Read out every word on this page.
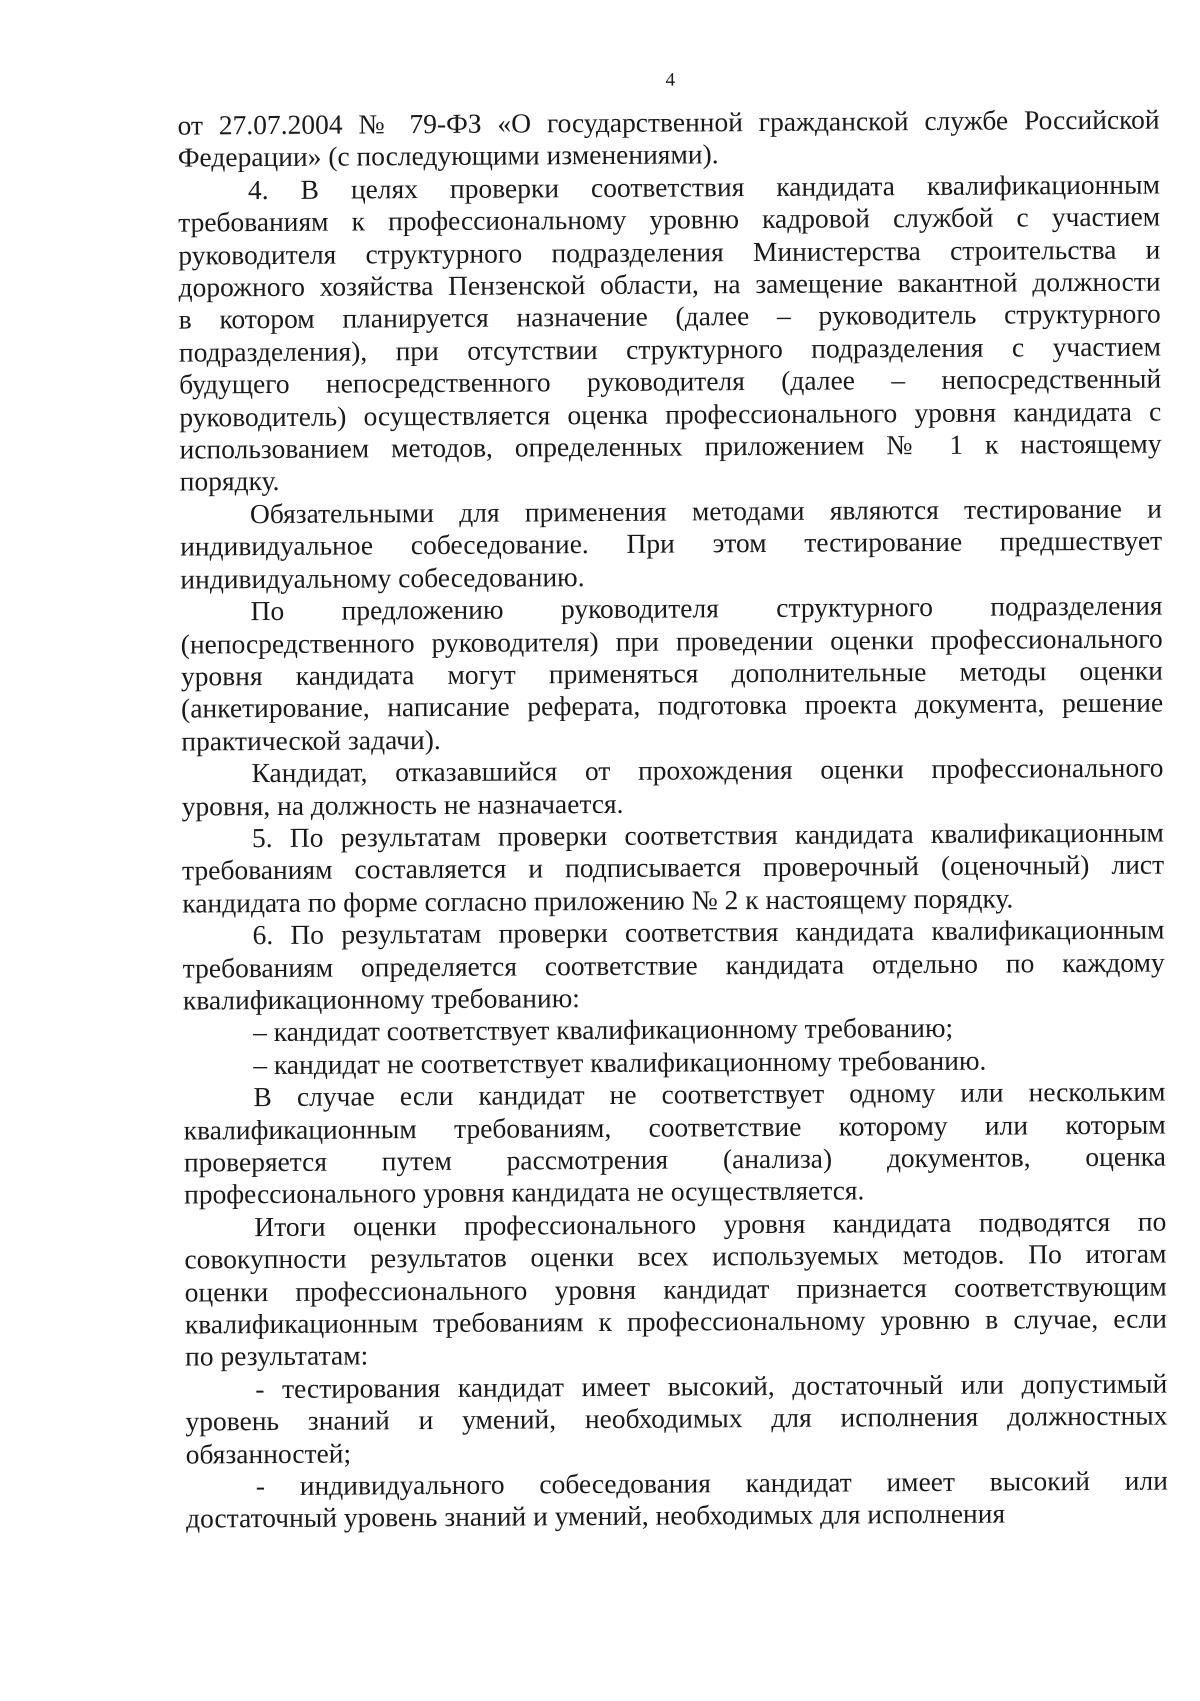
4

от 27.07.2004 № 79-ФЗ «О государственной гражданской службе Российской
Федерации» (с последующими изменениями).

4. В целях проверки соответствия кандидата квалификационным
требованиям к профессиональному уровню кадровой службой с участием
руководителя структурного подразделения Министерства строительства и
дорожного хозяйства Пензенской области, на замещение вакантной должности
в котором планируется назначение (далее – руководитель структурного
подразделения), при отсутствии структурного подразделения с участием
будущего непосредственного руководителя (далее – непосредственный
руководитель) осуществляется оценка профессионального уровня кандидата с
использованием методов, определенных приложением № 1 к настоящему
порядку.

Обязательными для применения методами являются тестирование и
индивидуальное собеседование. При этом тестирование предшествует
индивидуальному собеседованию.

По предложению руководителя структурного подразделения
(непосредственного руководителя) при проведении оценки профессионального
уровня кандидата могут применяться дополнительные методы оценки
(анкетирование, написание реферата, подготовка проекта документа, решение
практической задачи).

Кандидат, отказавшийся от прохождения оценки профессионального
уровня, на должность не назначается.

5. По результатам проверки соответствия кандидата квалификационным
требованиям составляется и подписывается проверочный (оценочный) лист
кандидата по форме согласно приложению № 2 к настоящему порядку.

6. По результатам проверки соответствия кандидата квалификационным
требованиям определяется соответствие кандидата отдельно по каждому
квалификационному требованию:

– кандидат соответствует квалификационному требованию;

– кандидат не соответствует квалификационному требованию.

В случае если кандидат не соответствует одному или нескольким
квалификационным требованиям, соответствие которому или которым
проверяется путем рассмотрения (анализа) документов, оценка
профессионального уровня кандидата не осуществляется.

Итоги оценки профессионального уровня кандидата подводятся по
совокупности результатов оценки всех используемых методов. По итогам
оценки профессионального уровня кандидат признается соответствующим
квалификационным требованиям к профессиональному уровню в случае, если
по результатам:

- тестирования кандидат имеет высокий, достаточный или допустимый
уровень знаний и умений, необходимых для исполнения должностных
обязанностей;

- индивидуального собеседования кандидат имеет высокий или
достаточный уровень знаний и умений, необходимых для исполнения
